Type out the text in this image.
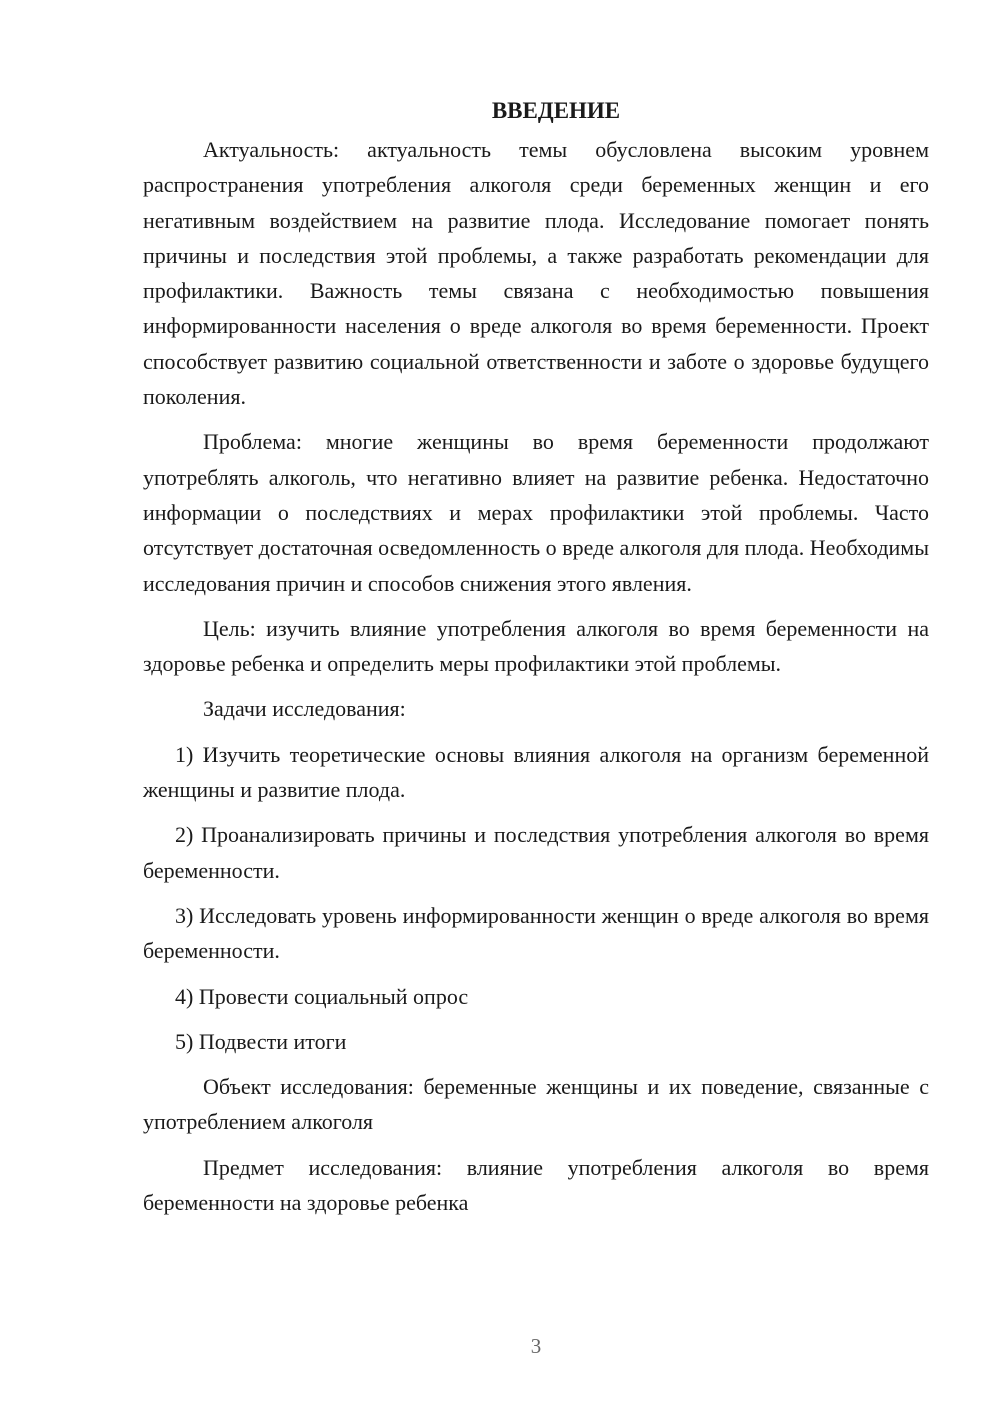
ВВЕДЕНИЕ

Актуальность: актуальность темы обусловлена высоким уровнем распространения употребления алкоголя среди беременных женщин и его негативным воздействием на развитие плода. Исследование помогает понять причины и последствия этой проблемы, а также разработать рекомендации для профилактики. Важность темы связана с необходимостью повышения информированности населения о вреде алкоголя во время беременности. Проект способствует развитию социальной ответственности и заботе о здоровье будущего поколения.

Проблема: многие женщины во время беременности продолжают употреблять алкоголь, что негативно влияет на развитие ребенка. Недостаточно информации о последствиях и мерах профилактики этой проблемы. Часто отсутствует достаточная осведомленность о вреде алкоголя для плода. Необходимы исследования причин и способов снижения этого явления.

Цель: изучить влияние употребления алкоголя во время беременности на здоровье ребенка и определить меры профилактики этой проблемы.

Задачи исследования:

1) Изучить теоретические основы влияния алкоголя на организм беременной женщины и развитие плода.

2) Проанализировать причины и последствия употребления алкоголя во время беременности.

3) Исследовать уровень информированности женщин о вреде алкоголя во время беременности.

4) Провести социальный опрос

5) Подвести итоги

Объект исследования: беременные женщины и их поведение, связанные с употреблением алкоголя

Предмет исследования: влияние употребления алкоголя во время беременности на здоровье ребенка

3
